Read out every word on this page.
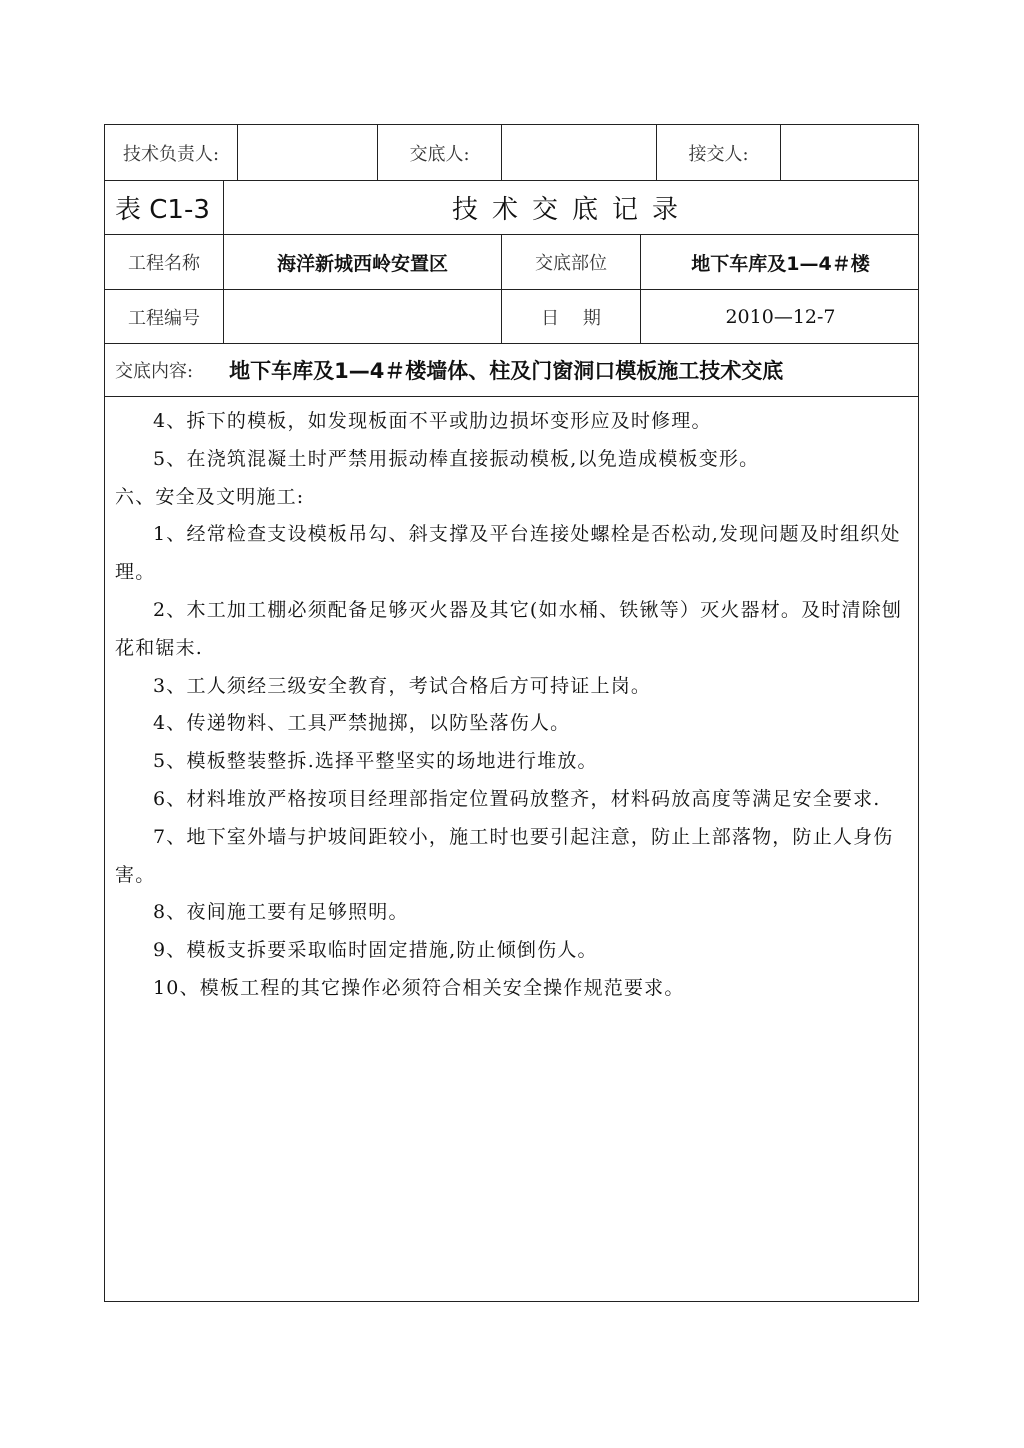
技术负责人:	交底人:	接交人:
表 C1-3	技术交底记录
工程名称	海洋新城西岭安置区	交底部位	地下车库及1—4＃楼
工程编号	日　 期	2010—12-7
交底内容: 地下车库及1—4＃楼墙体、柱及门窗洞口模板施工技术交底

4、拆下的模板，如发现板面不平或肋边损坏变形应及时修理。

5、在浇筑混凝土时严禁用振动棒直接振动模板,以免造成模板变形。

六、安全及文明施工:

1、经常检查支设模板吊勾、斜支撑及平台连接处螺栓是否松动,发现问题及时组织处理。

2、木工加工棚必须配备足够灭火器及其它(如水桶、铁锹等）灭火器材。及时清除刨花和锯末.

3、工人须经三级安全教育，考试合格后方可持证上岗。

4、传递物料、工具严禁抛掷，以防坠落伤人。

5、模板整装整拆.选择平整坚实的场地进行堆放。

6、材料堆放严格按项目经理部指定位置码放整齐，材料码放高度等满足安全要求.

7、地下室外墙与护坡间距较小，施工时也要引起注意，防止上部落物，防止人身伤害。

8、夜间施工要有足够照明。

9、模板支拆要采取临时固定措施,防止倾倒伤人。

10、模板工程的其它操作必须符合相关安全操作规范要求。
